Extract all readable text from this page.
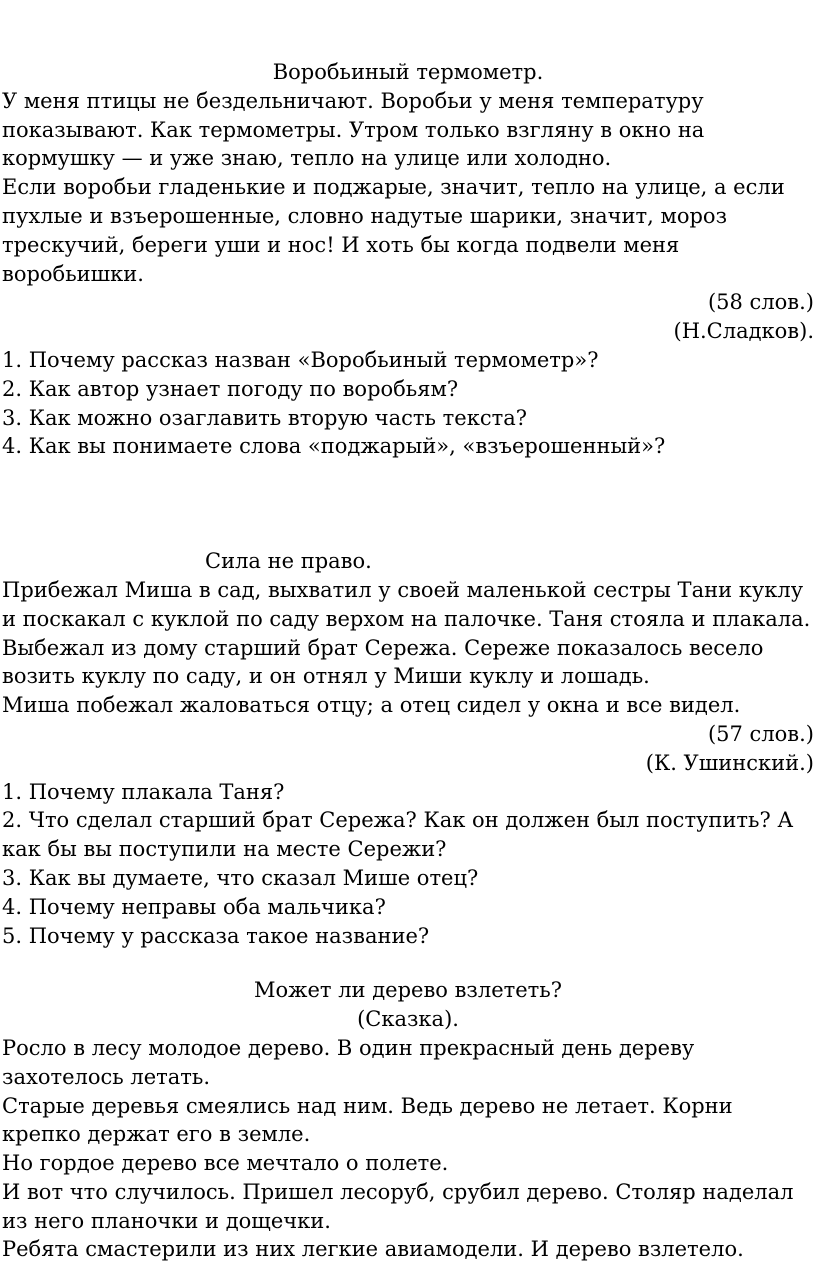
Воробьиный термометр.

У меня птицы не бездельничают. Воробьи у меня температуру показывают. Как термометры. Утром только взгляну в окно на кормушку — и уже знаю, тепло на улице или холодно.

Если воробьи гладенькие и поджарые, значит, тепло на улице, а если пухлые и взъерошенные, словно надутые шарики, значит, мороз трескучий, береги уши и нос! И хоть бы когда подвели меня воробьишки.

(58 слов.)

(Н.Сладков).

1. Почему рассказ назван «Воробьиный термометр»?

2. Как автор узнает погоду по воробьям?

3. Как можно озаглавить вторую часть текста?

4. Как вы понимаете слова «поджарый», «взъерошенный»?

Сила не право.

Прибежал Миша в сад, выхватил у своей маленькой сестры Тани куклу и поскакал с куклой по саду верхом на палочке. Таня стояла и плакала.

Выбежал из дому старший брат Сережа. Сереже показалось весело возить куклу по саду, и он отнял у Миши куклу и лошадь.

Миша побежал жаловаться отцу; а отец сидел у окна и все видел.

(57 слов.)

(К. Ушинский.)

1. Почему плакала Таня?

2. Что сделал старший брат Сережа? Как он должен был поступить? А как бы вы поступили на месте Сережи?

3. Как вы думаете, что сказал Мише отец?

4. Почему неправы оба мальчика?

5. Почему у рассказа такое название?

Может ли дерево взлететь?

(Сказка).

Росло в лесу молодое дерево. В один прекрасный день дереву захотелось летать.

Старые деревья смеялись над ним. Ведь дерево не летает. Корни крепко держат его в земле.

Но гордое дерево все мечтало о полете.

И вот что случилось. Пришел лесоруб, срубил дерево. Столяр наделал из него планочки и дощечки.

Ребята смастерили из них легкие авиамодели. И дерево взлетело.
